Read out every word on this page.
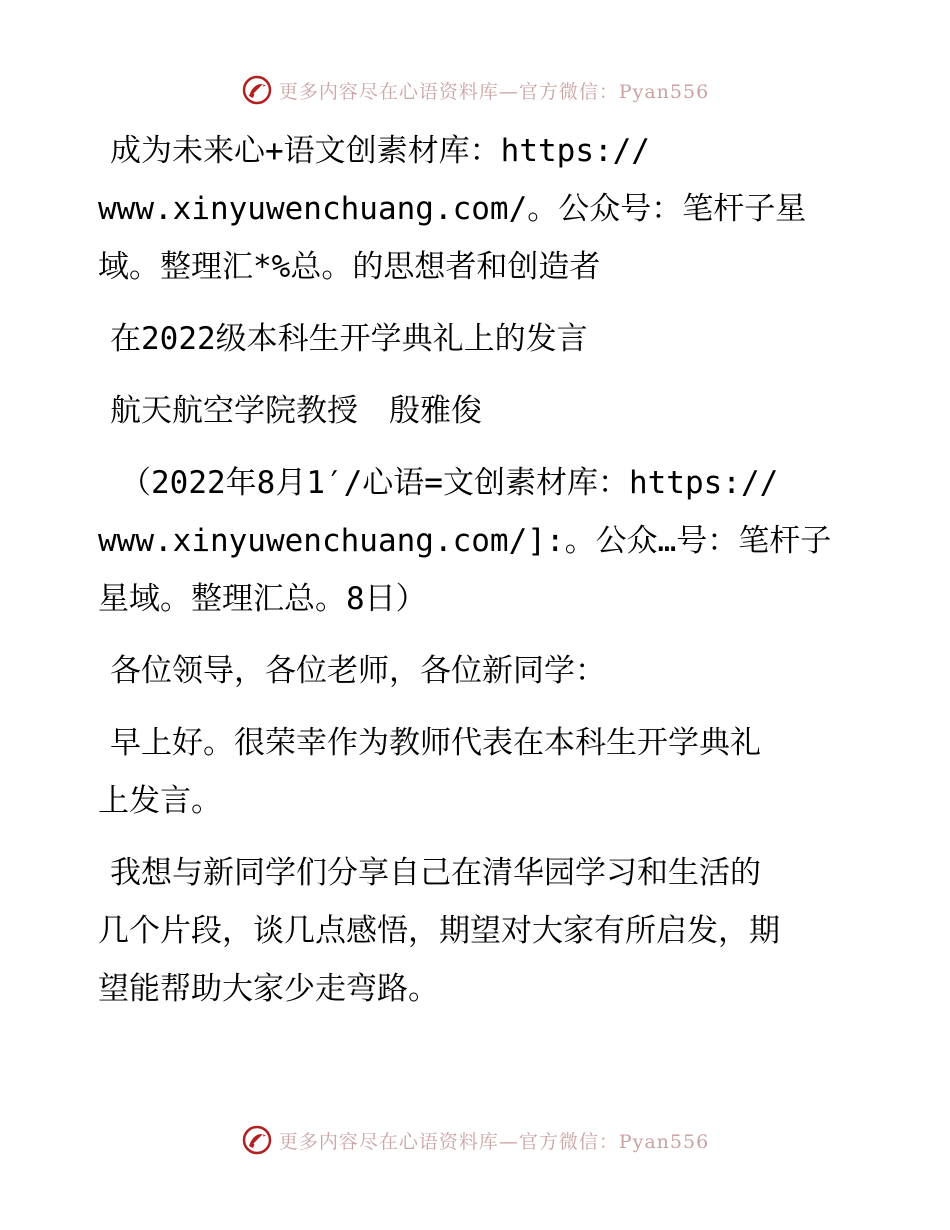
更多内容尽在心语资料库—官方微信：Pyan556

成为未来心+语文创素材库：https://
www.xinyuwenchuang.com/。公众号：笔杆子星
域。整理汇*%总。的思想者和创造者

在2022级本科生开学典礼上的发言

航天航空学院教授　殷雅俊

（2022年8月1′/心语=文创素材库：https://
www.xinyuwenchuang.com/]:。公众…号：笔杆子
星域。整理汇总。8日）

各位领导，各位老师，各位新同学：

早上好。很荣幸作为教师代表在本科生开学典礼
上发言。

我想与新同学们分享自己在清华园学习和生活的
几个片段，谈几点感悟，期望对大家有所启发，期
望能帮助大家少走弯路。

更多内容尽在心语资料库—官方微信：Pyan556
